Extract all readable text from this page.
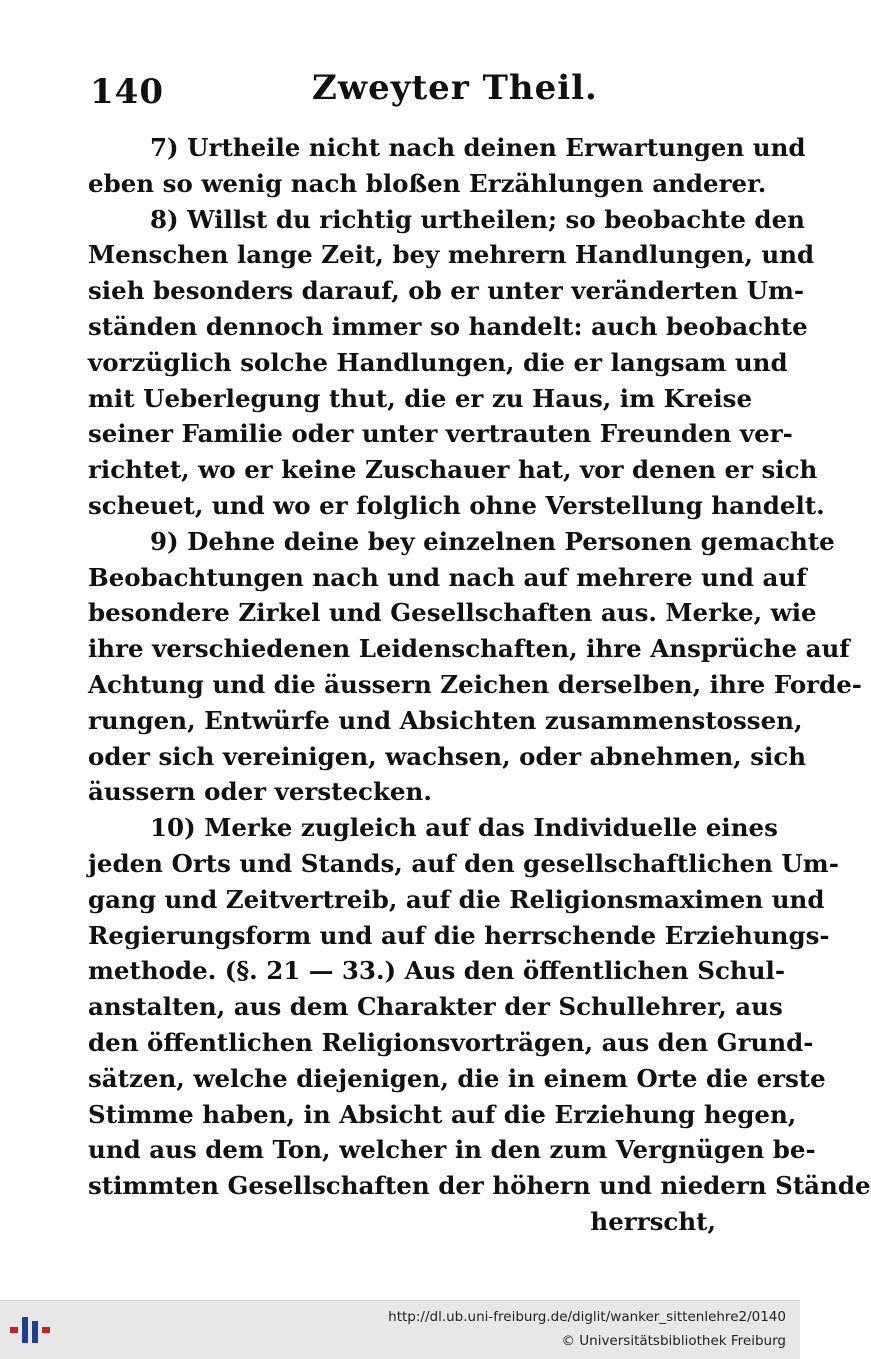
140	Zweyter Theil.
7) Urtheile nicht nach deinen Erwartungen und
eben so wenig nach bloßen Erzählungen anderer.
8) Willst du richtig urtheilen; so beobachte den
Menschen lange Zeit, bey mehrern Handlungen, und
sieh besonders darauf, ob er unter veränderten Um-
ständen dennoch immer so handelt: auch beobachte
vorzüglich solche Handlungen, die er langsam und
mit Ueberlegung thut, die er zu Haus, im Kreise
seiner Familie oder unter vertrauten Freunden ver-
richtet, wo er keine Zuschauer hat, vor denen er sich
scheuet, und wo er folglich ohne Verstellung handelt.
9) Dehne deine bey einzelnen Personen gemachte
Beobachtungen nach und nach auf mehrere und auf
besondere Zirkel und Gesellschaften aus. Merke, wie
ihre verschiedenen Leidenschaften, ihre Ansprüche auf
Achtung und die äussern Zeichen derselben, ihre Forde-
rungen, Entwürfe und Absichten zusammenstossen,
oder sich vereinigen, wachsen, oder abnehmen, sich
äussern oder verstecken.
10) Merke zugleich auf das Individuelle eines
jeden Orts und Stands, auf den gesellschaftlichen Um-
gang und Zeitvertreib, auf die Religionsmaximen und
Regierungsform und auf die herrschende Erziehungs-
methode. (§. 21 — 33.) Aus den öffentlichen Schul-
anstalten, aus dem Charakter der Schullehrer, aus
den öffentlichen Religionsvorträgen, aus den Grund-
sätzen, welche diejenigen, die in einem Orte die erste
Stimme haben, in Absicht auf die Erziehung hegen,
und aus dem Ton, welcher in den zum Vergnügen be-
stimmten Gesellschaften der höhern und niedern Stände
herrscht,
http://dl.ub.uni-freiburg.de/diglit/wanker_sittenlehre2/0140
© Universitätsbibliothek Freiburg
